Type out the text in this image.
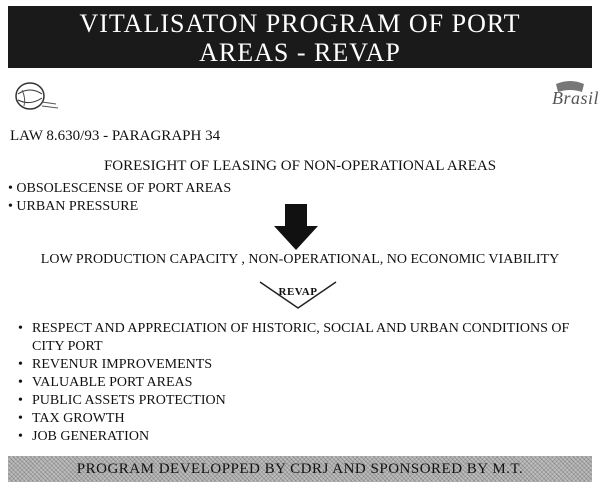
VITALISATON PROGRAM OF PORT
AREAS - REVAP
Brasil
LAW 8.630/93 - PARAGRAPH 34
FORESIGHT OF LEASING OF NON-OPERATIONAL AREAS
• OBSOLESCENSE OF PORT AREAS
• URBAN PRESSURE
LOW PRODUCTION CAPACITY , NON-OPERATIONAL, NO ECONOMIC VIABILITY
REVAP
• RESPECT AND APPRECIATION OF HISTORIC, SOCIAL AND URBAN CONDITIONS OF CITY PORT
• REVENUR IMPROVEMENTS
• VALUABLE PORT AREAS
• PUBLIC ASSETS PROTECTION
• TAX GROWTH
• JOB GENERATION
PROGRAM DEVELOPPED BY CDRJ AND SPONSORED BY M.T.
